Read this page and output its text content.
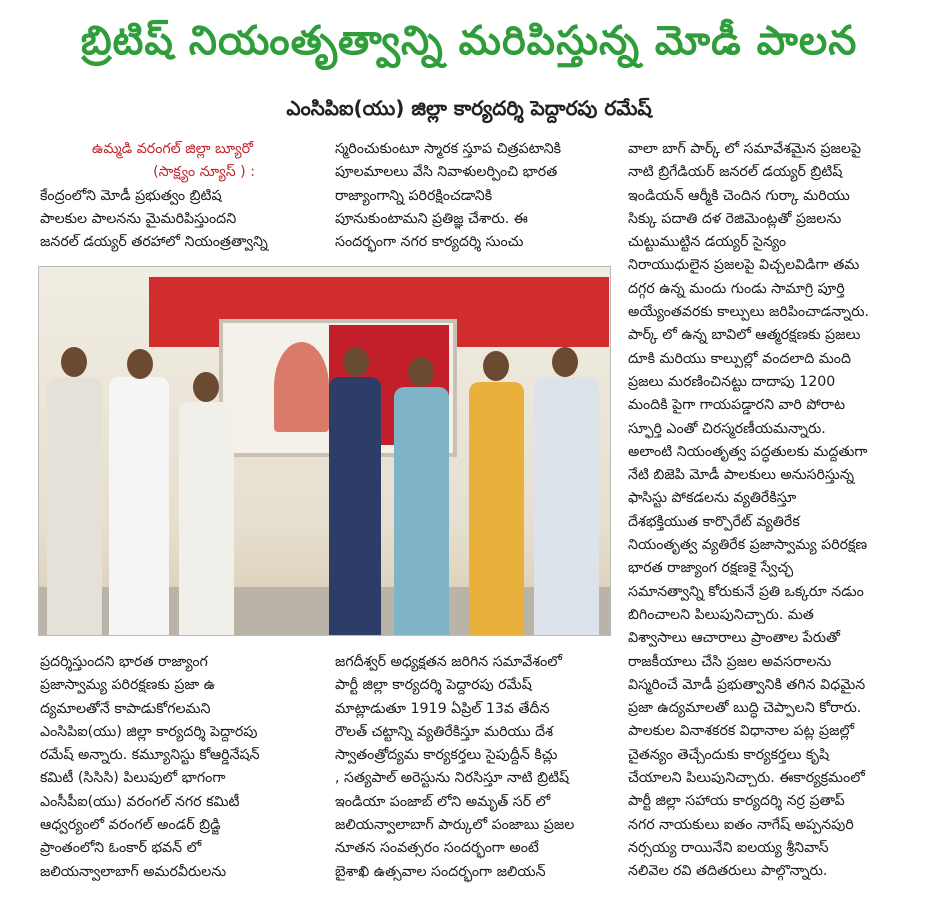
బ్రిటిష్ నియంతృత్వాన్ని మరిపిస్తున్న మోడీ పాలన
ఎంసిపిఐ(యు) జిల్లా కార్యదర్శి పెద్దారపు రమేష్

ఉమ్మడి వరంగల్ జిల్లా బ్యూరో

(సాక్ష్యం న్యూస్ ) :

కేంద్రంలోని మోడీ ప్రభుత్వం బ్రిటిష

పాలకుల పాలనను మైమరిపిస్తుందని

జనరల్ డయ్యర్ తరహాలో నియంత్రత్వాన్ని

స్మరించుకుంటూ స్మారక స్తూప చిత్రపటానికి

పూలమాలలు వేసి నివాళులర్పించి భారత

రాజ్యాంగాన్ని పరిరక్షించడానికి

పూనుకుంటామని ప్రతిజ్ఞ చేశారు. ఈ

సందర్భంగా నగర కార్యదర్శి సుంచు

ప్రదర్శిస్తుందని భారత రాజ్యాంగ

ప్రజాస్వామ్య పరిరక్షణకు ప్రజా ఉ

ద్యమాలతోనే కాపాడుకోగలమని

ఎంసిపిఐ(యు) జిల్లా కార్యదర్శి పెద్దారపు

రమేష్ అన్నారు. కమ్యూనిస్టు కోఆర్డినేషన్

కమిటీ (సిసిసి) పిలుపులో భాగంగా

ఎంసీపీఐ(యు) వరంగల్ నగర కమిటీ

ఆధ్వర్యంలో వరంగల్ అండర్ బ్రిడ్జి

ప్రాంతంలోని ఓంకార్ భవన్ లో

జలియన్వాలాబాగ్ అమరవీరులను

జగదీశ్వర్ అధ్యక్షతన జరిగిన సమావేశంలో

పార్టీ జిల్లా కార్యదర్శి పెద్దారపు రమేష్

మాట్లాడుతూ 1919 ఏప్రిల్ 13వ తేదీన

రౌలత్ చట్టాన్ని వ్యతిరేకిస్తూ మరియు దేశ

స్వాతంత్రోద్యమ కార్యకర్తలు సైపుద్దీన్ కిచ్లు

, సత్యపాల్ అరెస్టును నిరసిస్తూ నాటి బ్రిటిష్

ఇండియా పంజాబ్ లోని అమృత్ సర్ లో

జలియన్వాలాబాగ్ పార్కులో పంజాబు ప్రజల

నూతన సంవత్సరం సందర్భంగా అంటే

బైశాఖి ఉత్సవాల సందర్భంగా జలియన్

వాలా బాగ్ పార్క్ లో సమావేశమైన ప్రజలపై

నాటి బ్రిగేడియర్ జనరల్ డయ్యర్ బ్రిటిష్

ఇండియన్ ఆర్మీకి చెందిన గుర్కా మరియు

సిక్కు పదాతి దళ రెజిమెంట్లతో ప్రజలను

చుట్టుముట్టిన డయ్యర్ సైన్యం

నిరాయుధులైన ప్రజలపై విచ్చలవిడిగా తమ

దగ్గర ఉన్న మందు గుండు సామాగ్రి పూర్తి

అయ్యేంతవరకు కాల్పులు జరిపించాడన్నారు.

పార్క్ లో ఉన్న బావిలో ఆత్మరక్షణకు ప్రజలు

దూకి మరియు కాల్పుల్లో వందలాది మంది

ప్రజలు మరణించినట్టు దాదాపు 1200

మందికి పైగా గాయపడ్డారని వారి పోరాట

స్ఫూర్తి ఎంతో చిరస్మరణీయమన్నారు.

అలాంటి నియంతృత్వ పద్ధతులకు మద్దతుగా

నేటి బిజెపి మోడీ పాలకులు అనుసరిస్తున్న

ఫాసిస్టు పోకడలను వ్యతిరేకిస్తూ

దేశభక్తియుత కార్పొరేట్ వ్యతిరేక

నియంతృత్వ వ్యతిరేక ప్రజాస్వామ్య పరిరక్షణ

భారత రాజ్యాంగ రక్షణకై స్వేచ్ఛ

సమానత్వాన్ని కోరుకునే ప్రతి ఒక్కరూ నడుం

బిగించాలని పిలుపునిచ్చారు. మత

విశ్వాసాలు ఆచారాలు ప్రాంతాల పేరుతో

రాజకీయాలు చేసి ప్రజల అవసరాలను

విస్మరించే మోడీ ప్రభుత్వానికి తగిన విధమైన

ప్రజా ఉద్యమాలతో బుద్ధి చెప్పాలని కోరారు.

పాలకుల వినాశకరక విధానాల పట్ల ప్రజల్లో

చైతన్యం తెచ్చేందుకు కార్యకర్తలు కృషి

చేయాలని పిలుపునిచ్చారు. ఈకార్యక్రమంలో

పార్టీ జిల్లా సహాయ కార్యదర్శి నర్ర ప్రతాప్

నగర నాయకులు ఐతం నాగేష్ అప్పనపురి

నర్సయ్య రాయినేని ఐలయ్య శ్రీనివాస్

నలివెల రవి తదితరులు పాల్గొన్నారు.
